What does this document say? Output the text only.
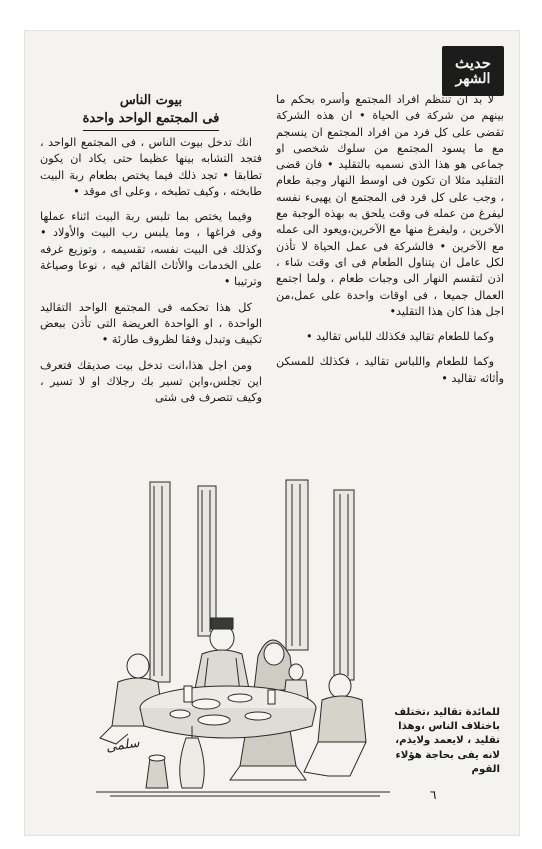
حديث
الشهر

لا بد ان تنتظم افراد المجتمع وأسره بحكم ما بينهم من شركة فى الحياة • ان هذه الشركة تقضى على كل فرد من افراد المجتمع ان ينسجم مع ما يسود المجتمع من سلوك شخصى او جماعى هو هذا الذى نسميه بالتقليد • فان قضى التقليد مثلا ان تكون فى اوسط النهار وجبة طعام ، وجب على كل فرد فى المجتمع ان يهيىء نفسه ليفرغ من عمله فى وقت يلحق به بهذه الوجبة مع الآخرين ، وليفرغ منها مع الآخرين،ويعود الى عمله مع الآخرين • فالشركة فى عمل الحياة لا تأذن لكل عامل ان يتناول الطعام فى اى وقت شاء ، اذن لتقسم النهار الى وجبات طعام ، ولما اجتمع العمال جميعا ، فى اوقات واحدة على عمل،من اجل هذا كان هذا التقليد•

وكما للطعام تقاليد فكذلك للباس تقاليد •

وكما للطعام واللباس تقاليد ، فكذلك للمسكن وأثاثه تقاليد •

بيوت الناس
فى المجتمع الواحد واحدة

انك تدخل بيوت الناس ، فى المجتمع الواحد ، فتجد التشابه بينها عظيما حتى يكاد ان يكون تطابقا • تجد ذلك فيما يختص بطعام ربة البيت طابخته ، وكيف تطبخه ، وعلى اى موقد •

وفيما يختص بما تلبس ربة البيت اثناء عملها وفى فراغها ، وما يلبس رب البيت والأولاد • وكذلك فى البيت نفسه، تقسيمه ، وتوزيع غرفه على الخدمات والأثاث القائم فيه ، نوعا وصياغة وترتيبا •

كل هذا تحكمه فى المجتمع الواحد التقاليد الواحدة ، او الواحدة العريضة التى تأذن ببعض تكييف وتبدل وفقا لظروف طارئة •

ومن اجل هذا،انت تدخل بيت صديقك فتعرف اين تجلس،واين تسير بك رجلاك او لا تسير ، وكيف تتصرف فى شتى

سلمى
للمائدة تقاليد ،تختلف باختلاف الناس ،وهذا تقليد ، لايعمد ولايذم، لانه يفى بحاجة هؤلاء القوم
٦
